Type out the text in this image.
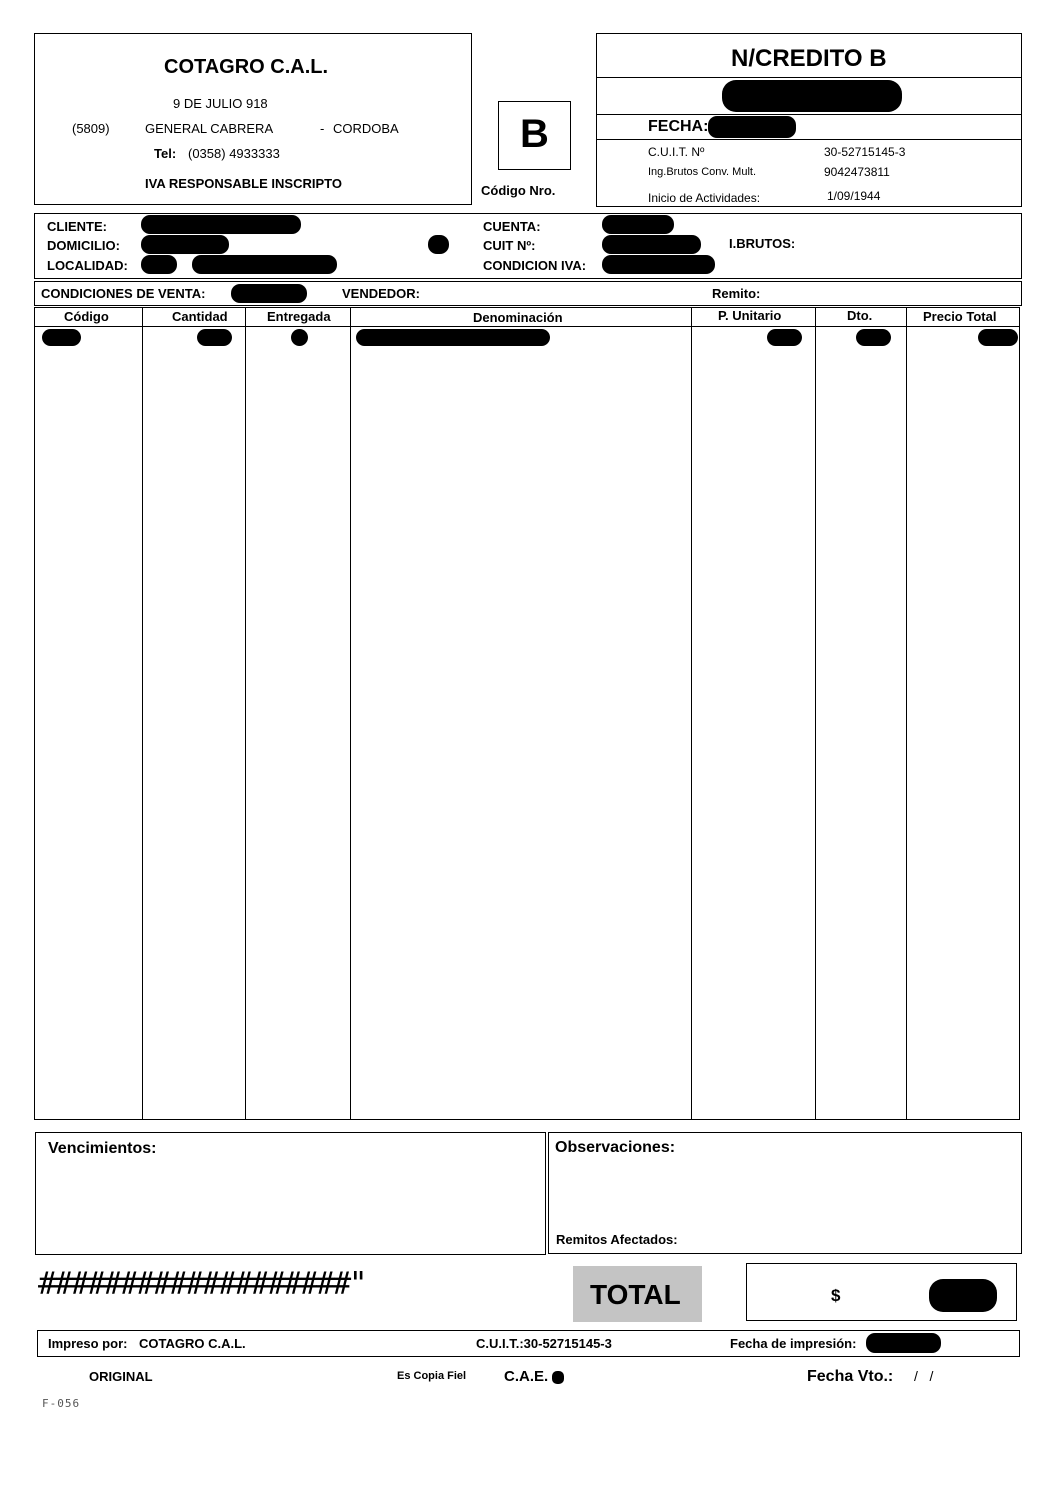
COTAGRO C.A.L.
9 DE JULIO 918
(5809)	GENERAL CABRERA	- CORDOBA
Tel: (0358) 4933333
IVA RESPONSABLE INSCRIPTO
B
Código Nro.
N/CREDITO B
FECHA:
C.U.I.T. Nº	30-52715145-3
Ing.Brutos Conv. Mult.	9042473811
Inicio de Actividades:	1/09/1944
CLIENTE:
DOMICILIO:
LOCALIDAD:
CUENTA:
CUIT Nº:
CONDICION IVA:
I.BRUTOS:
CONDICIONES DE VENTA:	VENDEDOR:	Remito:
Código	Cantidad	Entregada	Denominación	P. Unitario	Dto.	Precio Total
Vencimientos:	Observaciones:
Remitos Afectados:
###################"	TOTAL	$
Impreso por: COTAGRO C.A.L.	C.U.I.T.:30-52715145-3	Fecha de impresión:
ORIGINAL	Es Copia Fiel	C.A.E.	Fecha Vto.: /   /
F-056
